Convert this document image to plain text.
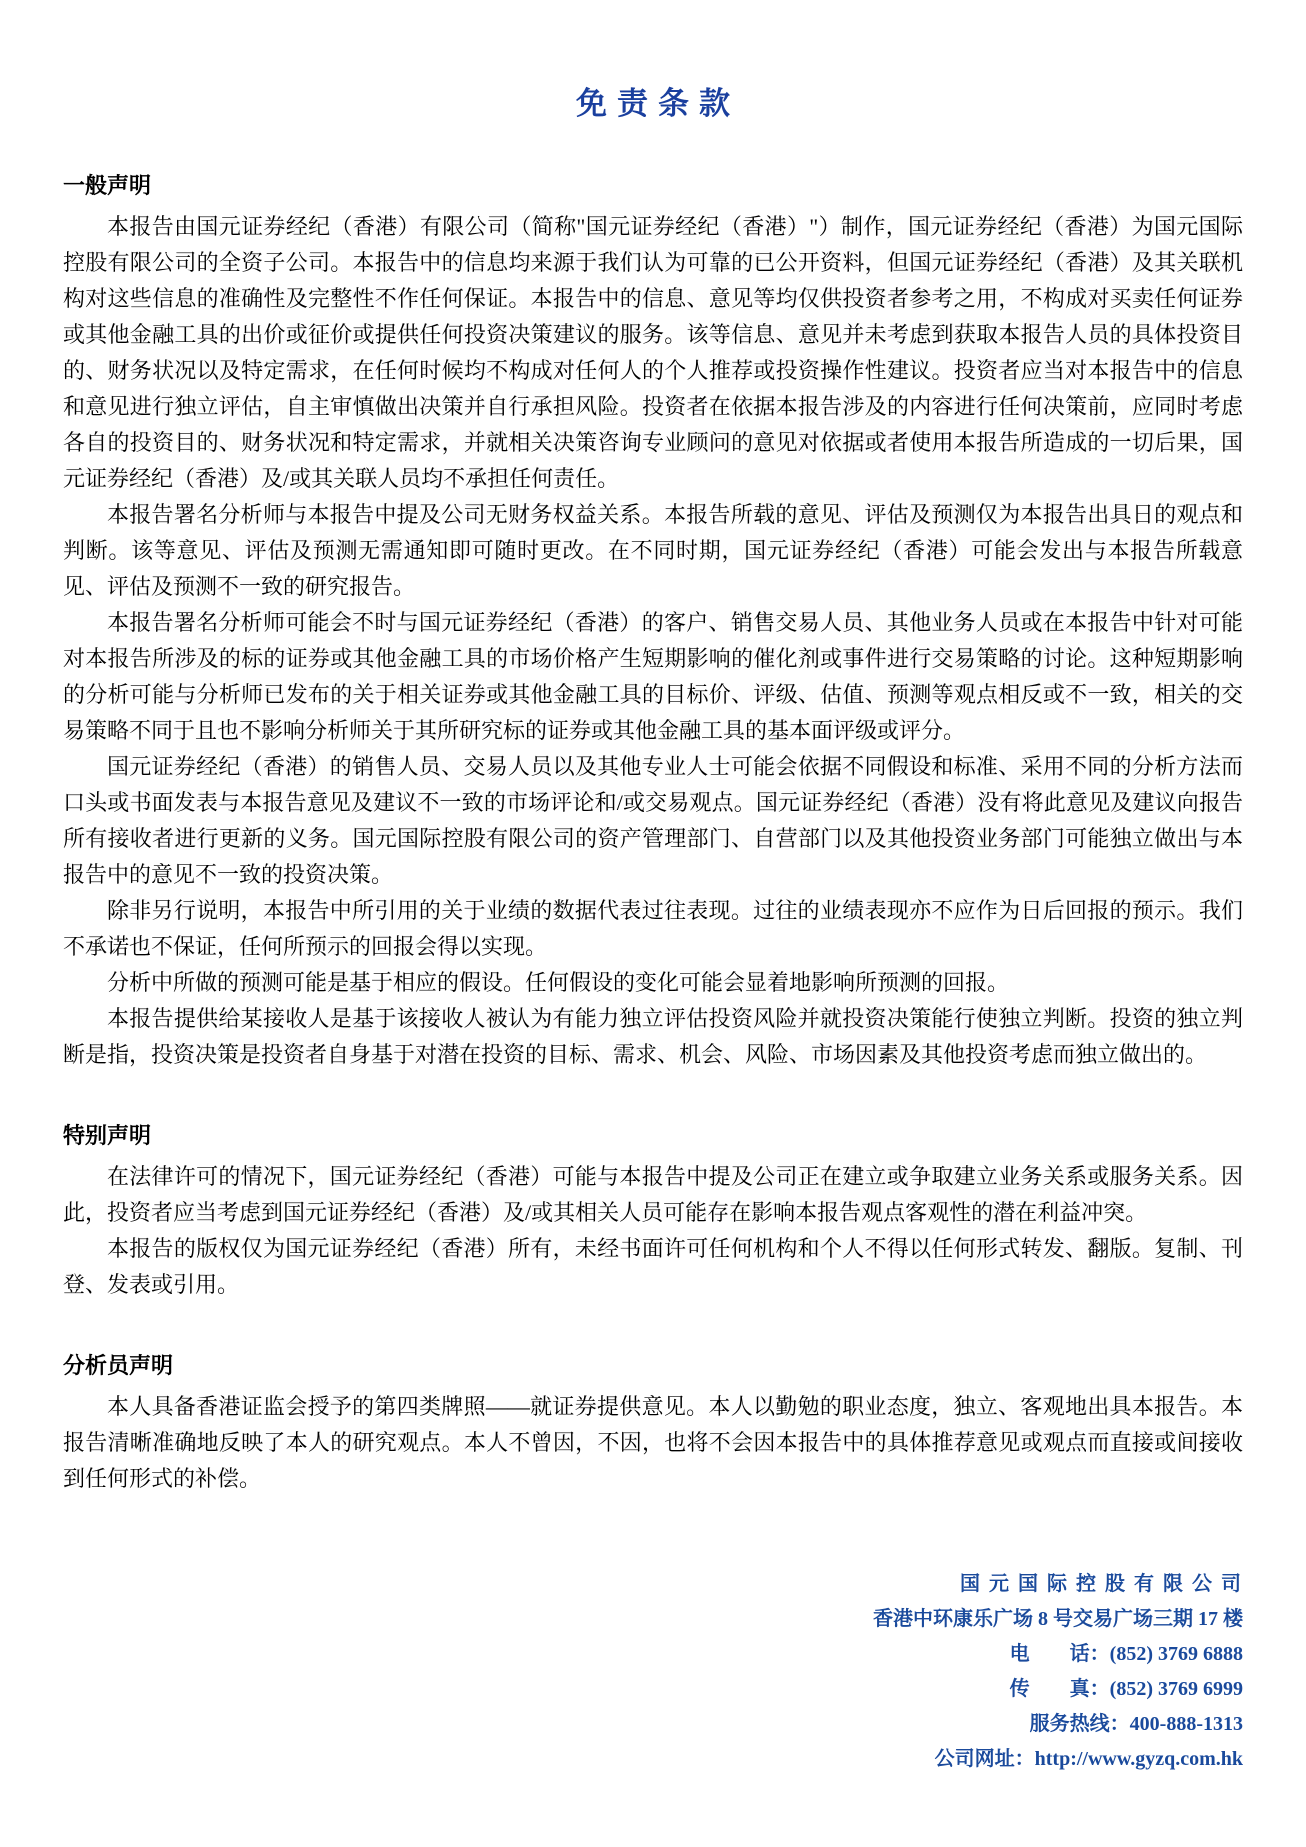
免责条款
一般声明

本报告由国元证券经纪（香港）有限公司（简称"国元证券经纪（香港）"）制作，国元证券经纪（香港）为国元国际控股有限公司的全资子公司。本报告中的信息均来源于我们认为可靠的已公开资料，但国元证券经纪（香港）及其关联机构对这些信息的准确性及完整性不作任何保证。本报告中的信息、意见等均仅供投资者参考之用，不构成对买卖任何证券或其他金融工具的出价或征价或提供任何投资决策建议的服务。该等信息、意见并未考虑到获取本报告人员的具体投资目的、财务状况以及特定需求，在任何时候均不构成对任何人的个人推荐或投资操作性建议。投资者应当对本报告中的信息和意见进行独立评估，自主审慎做出决策并自行承担风险。投资者在依据本报告涉及的内容进行任何决策前，应同时考虑各自的投资目的、财务状况和特定需求，并就相关决策咨询专业顾问的意见对依据或者使用本报告所造成的一切后果，国元证券经纪（香港）及/或其关联人员均不承担任何责任。

本报告署名分析师与本报告中提及公司无财务权益关系。本报告所载的意见、评估及预测仅为本报告出具日的观点和判断。该等意见、评估及预测无需通知即可随时更改。在不同时期，国元证券经纪（香港）可能会发出与本报告所载意见、评估及预测不一致的研究报告。

本报告署名分析师可能会不时与国元证券经纪（香港）的客户、销售交易人员、其他业务人员或在本报告中针对可能对本报告所涉及的标的证券或其他金融工具的市场价格产生短期影响的催化剂或事件进行交易策略的讨论。这种短期影响的分析可能与分析师已发布的关于相关证券或其他金融工具的目标价、评级、估值、预测等观点相反或不一致，相关的交易策略不同于且也不影响分析师关于其所研究标的证券或其他金融工具的基本面评级或评分。

国元证券经纪（香港）的销售人员、交易人员以及其他专业人士可能会依据不同假设和标准、采用不同的分析方法而口头或书面发表与本报告意见及建议不一致的市场评论和/或交易观点。国元证券经纪（香港）没有将此意见及建议向报告所有接收者进行更新的义务。国元国际控股有限公司的资产管理部门、自营部门以及其他投资业务部门可能独立做出与本报告中的意见不一致的投资决策。

除非另行说明，本报告中所引用的关于业绩的数据代表过往表现。过往的业绩表现亦不应作为日后回报的预示。我们不承诺也不保证，任何所预示的回报会得以实现。

分析中所做的预测可能是基于相应的假设。任何假设的变化可能会显着地影响所预测的回报。

本报告提供给某接收人是基于该接收人被认为有能力独立评估投资风险并就投资决策能行使独立判断。投资的独立判断是指，投资决策是投资者自身基于对潜在投资的目标、需求、机会、风险、市场因素及其他投资考虑而独立做出的。

特别声明

在法律许可的情况下，国元证券经纪（香港）可能与本报告中提及公司正在建立或争取建立业务关系或服务关系。因此，投资者应当考虑到国元证券经纪（香港）及/或其相关人员可能存在影响本报告观点客观性的潜在利益冲突。

本报告的版权仅为国元证券经纪（香港）所有，未经书面许可任何机构和个人不得以任何形式转发、翻版。复制、刊登、发表或引用。

分析员声明

本人具备香港证监会授予的第四类牌照——就证券提供意见。本人以勤勉的职业态度，独立、客观地出具本报告。本报告清晰准确地反映了本人的研究观点。本人不曾因，不因，也将不会因本报告中的具体推荐意见或观点而直接或间接收到任何形式的补偿。

国 元 国 际 控 股 有 限 公 司
香港中环康乐广场 8 号交易广场三期 17 楼
电        话：(852) 3769 6888
传        真：(852) 3769 6999
服务热线：400-888-1313
公司网址：http://www.gyzq.com.hk
